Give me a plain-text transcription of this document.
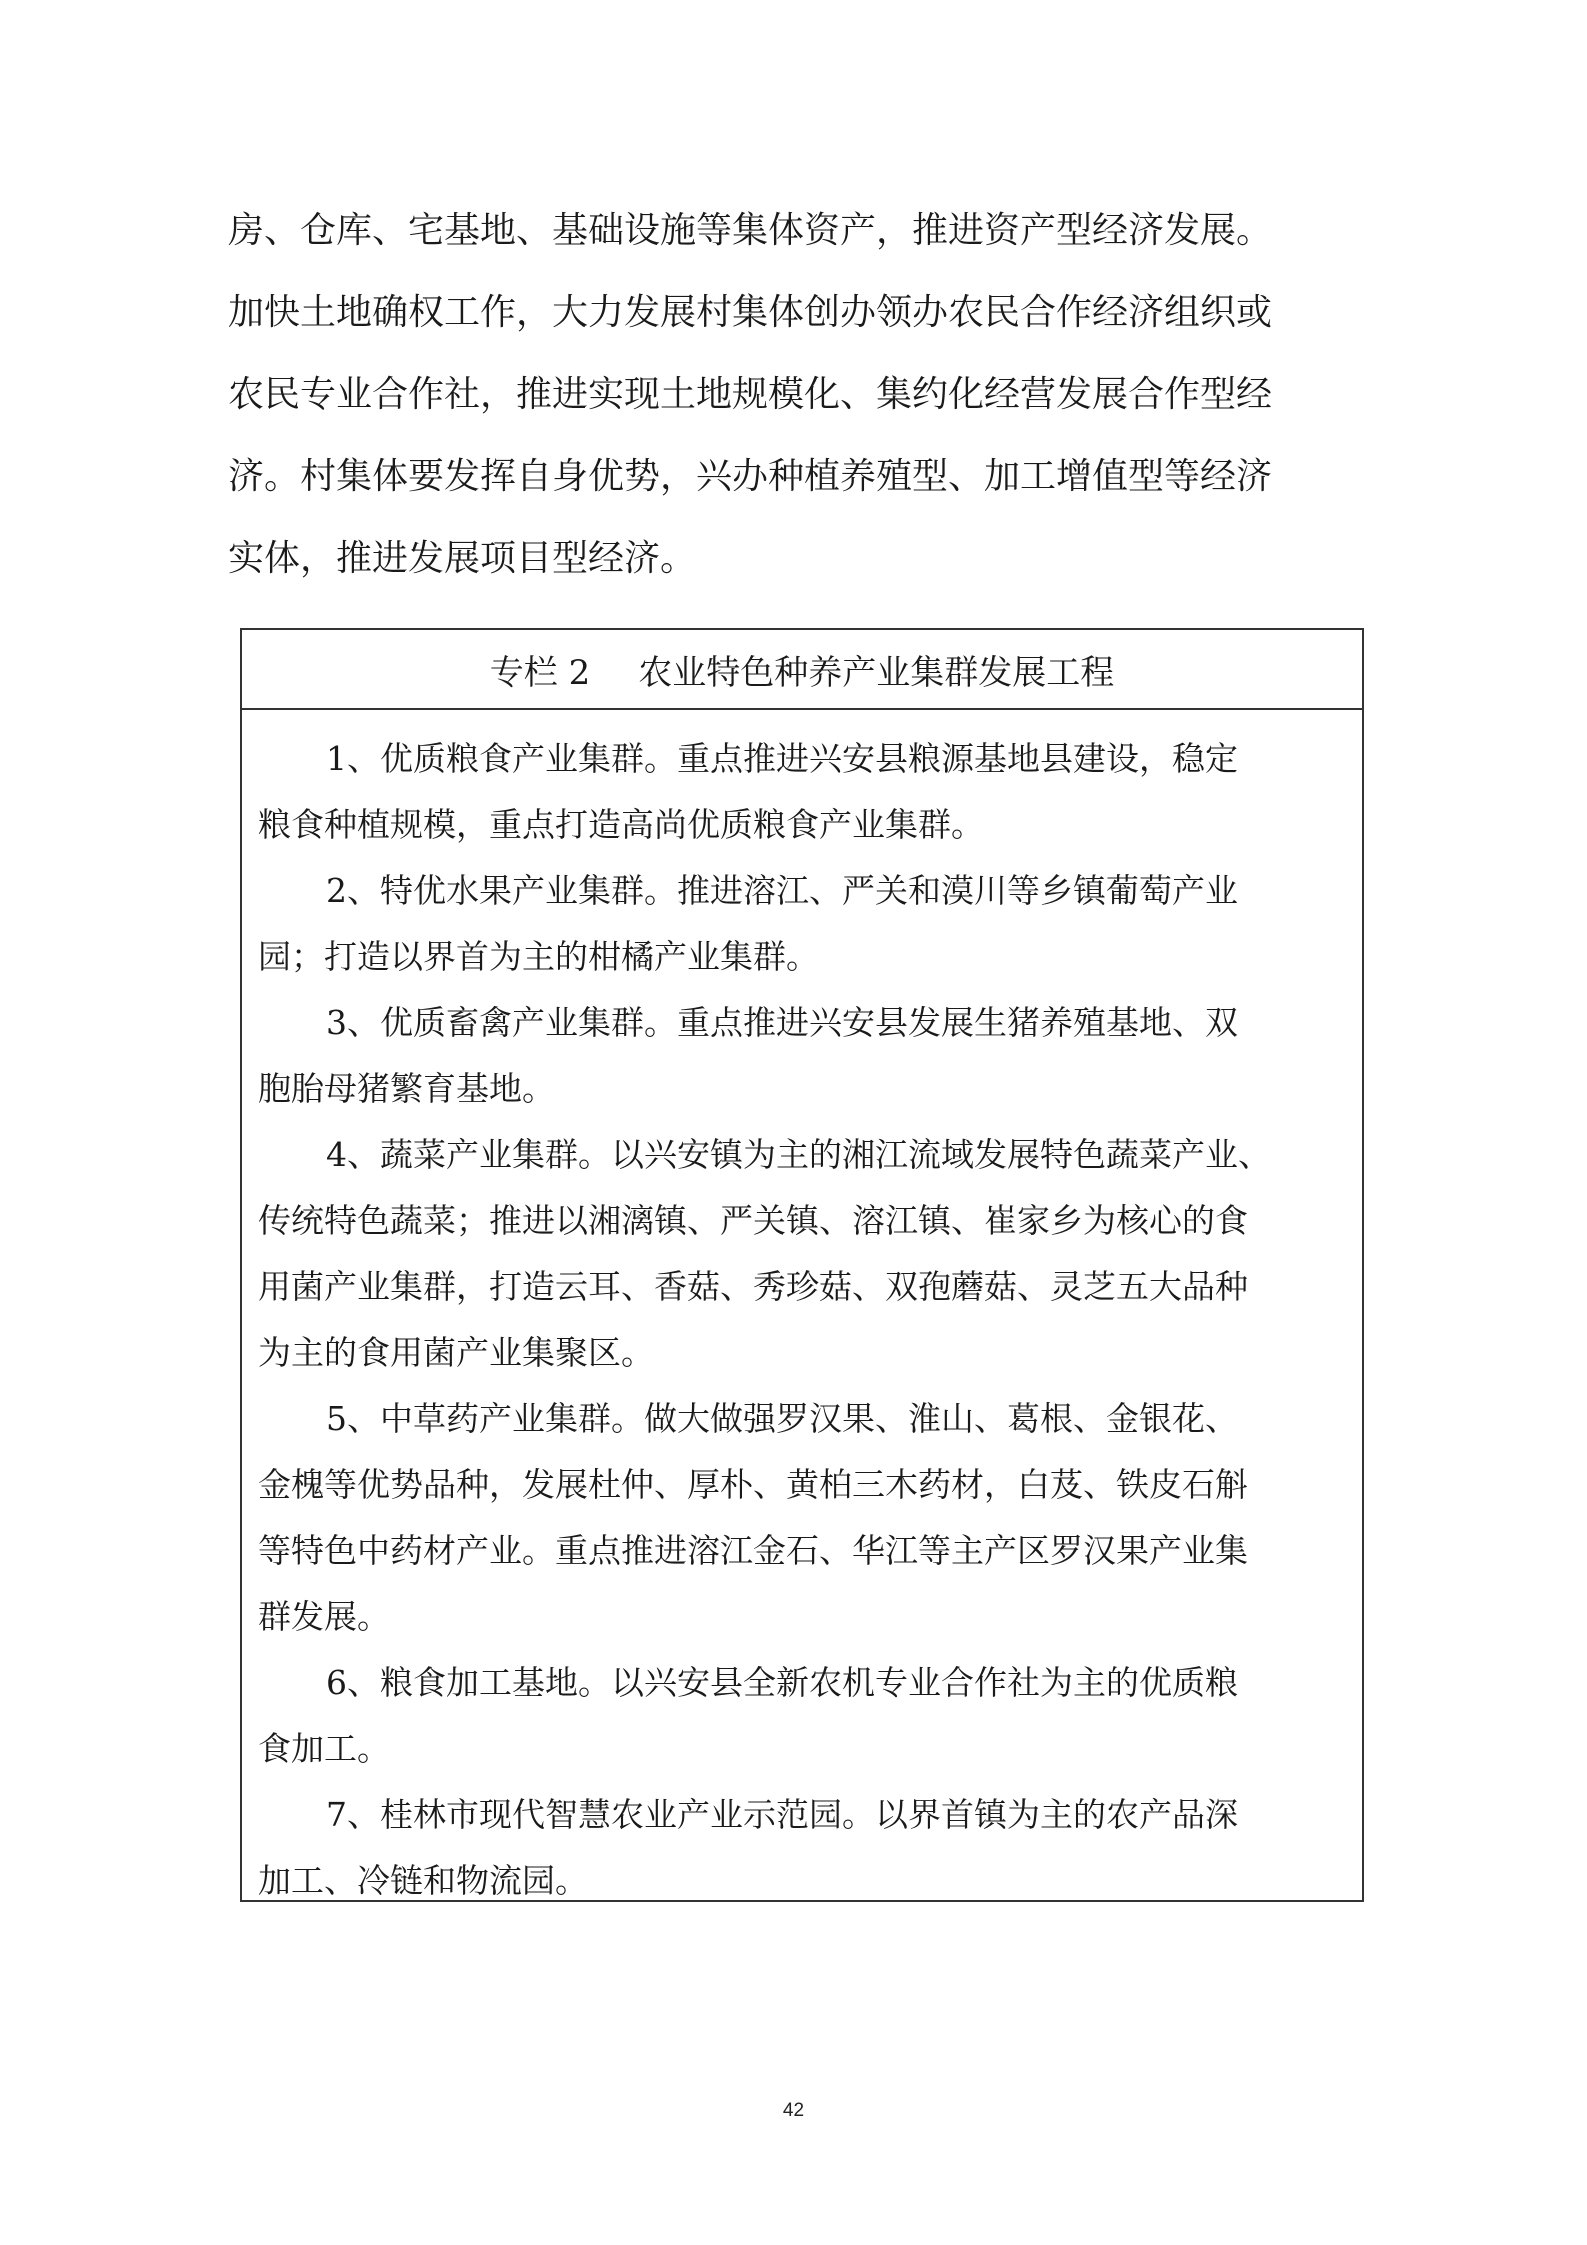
房、仓库、宅基地、基础设施等集体资产，推进资产型经济发展。

加快土地确权工作，大力发展村集体创办领办农民合作经济组织或

农民专业合作社，推进实现土地规模化、集约化经营发展合作型经

济。村集体要发挥自身优势，兴办种植养殖型、加工增值型等经济

实体，推进发展项目型经济。

专栏 2 农业特色种养产业集群发展工程

1、优质粮食产业集群。重点推进兴安县粮源基地县建设，稳定

粮食种植规模，重点打造高尚优质粮食产业集群。

2、特优水果产业集群。推进溶江、严关和漠川等乡镇葡萄产业

园；打造以界首为主的柑橘产业集群。

3、优质畜禽产业集群。重点推进兴安县发展生猪养殖基地、双

胞胎母猪繁育基地。

4、蔬菜产业集群。以兴安镇为主的湘江流域发展特色蔬菜产业、

传统特色蔬菜；推进以湘漓镇、严关镇、溶江镇、崔家乡为核心的食

用菌产业集群，打造云耳、香菇、秀珍菇、双孢蘑菇、灵芝五大品种

为主的食用菌产业集聚区。

5、中草药产业集群。做大做强罗汉果、淮山、葛根、金银花、

金槐等优势品种，发展杜仲、厚朴、黄柏三木药材，白芨、铁皮石斛

等特色中药材产业。重点推进溶江金石、华江等主产区罗汉果产业集

群发展。

6、粮食加工基地。以兴安县全新农机专业合作社为主的优质粮

食加工。

7、桂林市现代智慧农业产业示范园。以界首镇为主的农产品深

加工、冷链和物流园。

42
